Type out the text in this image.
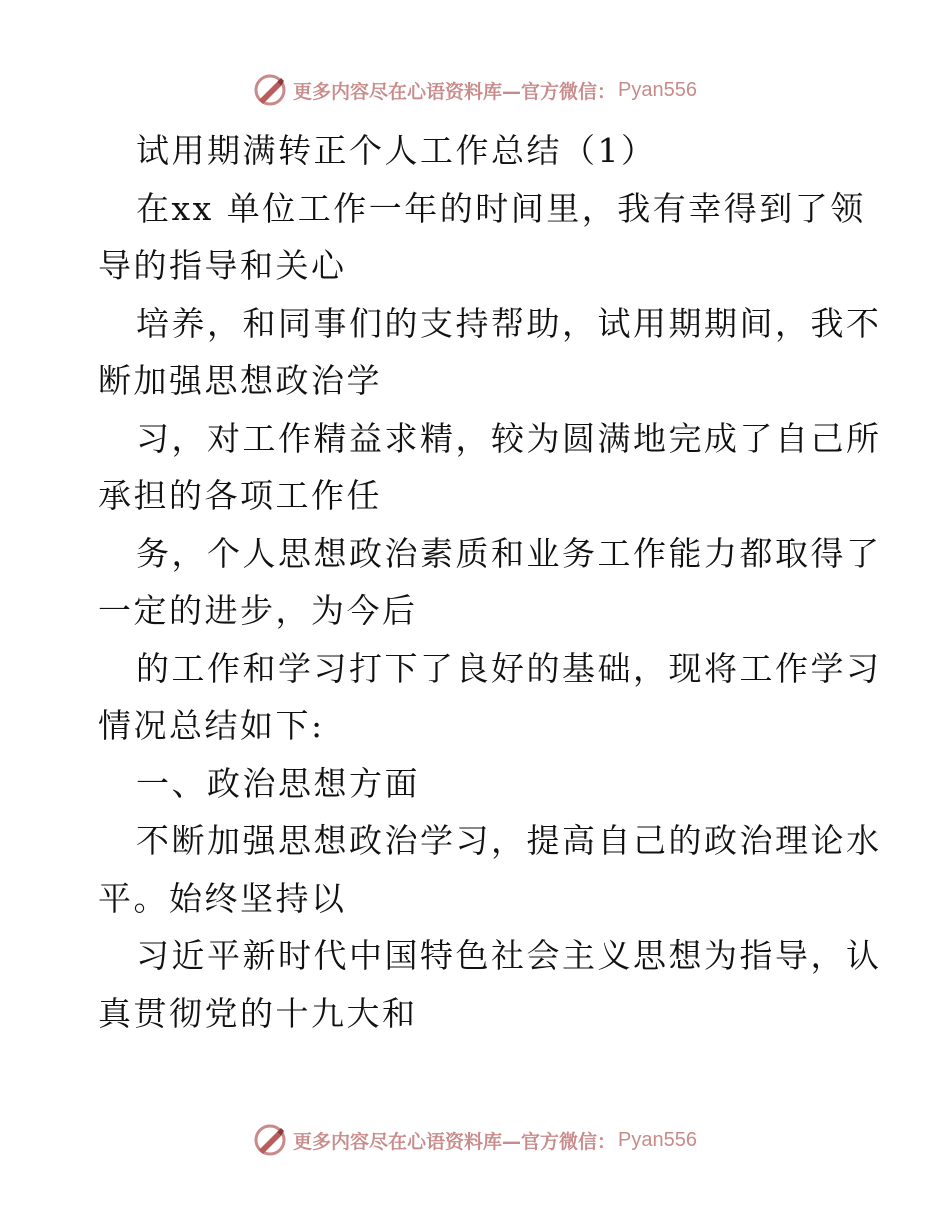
更多内容尽在心语资料库—官方微信： Pyan556

试用期满转正个人工作总结（1）

在xx 单位工作一年的时间里，我有幸得到了领
导的指导和关心

培养，和同事们的支持帮助，试用期期间，我不
断加强思想政治学

习，对工作精益求精，较为圆满地完成了自己所
承担的各项工作任

务，个人思想政治素质和业务工作能力都取得了
一定的进步，为今后

的工作和学习打下了良好的基础，现将工作学习
情况总结如下:

一、政治思想方面

不断加强思想政治学习，提高自己的政治理论水
平。始终坚持以

习近平新时代中国特色社会主义思想为指导，认
真贯彻党的十九大和

更多内容尽在心语资料库—官方微信： Pyan556
